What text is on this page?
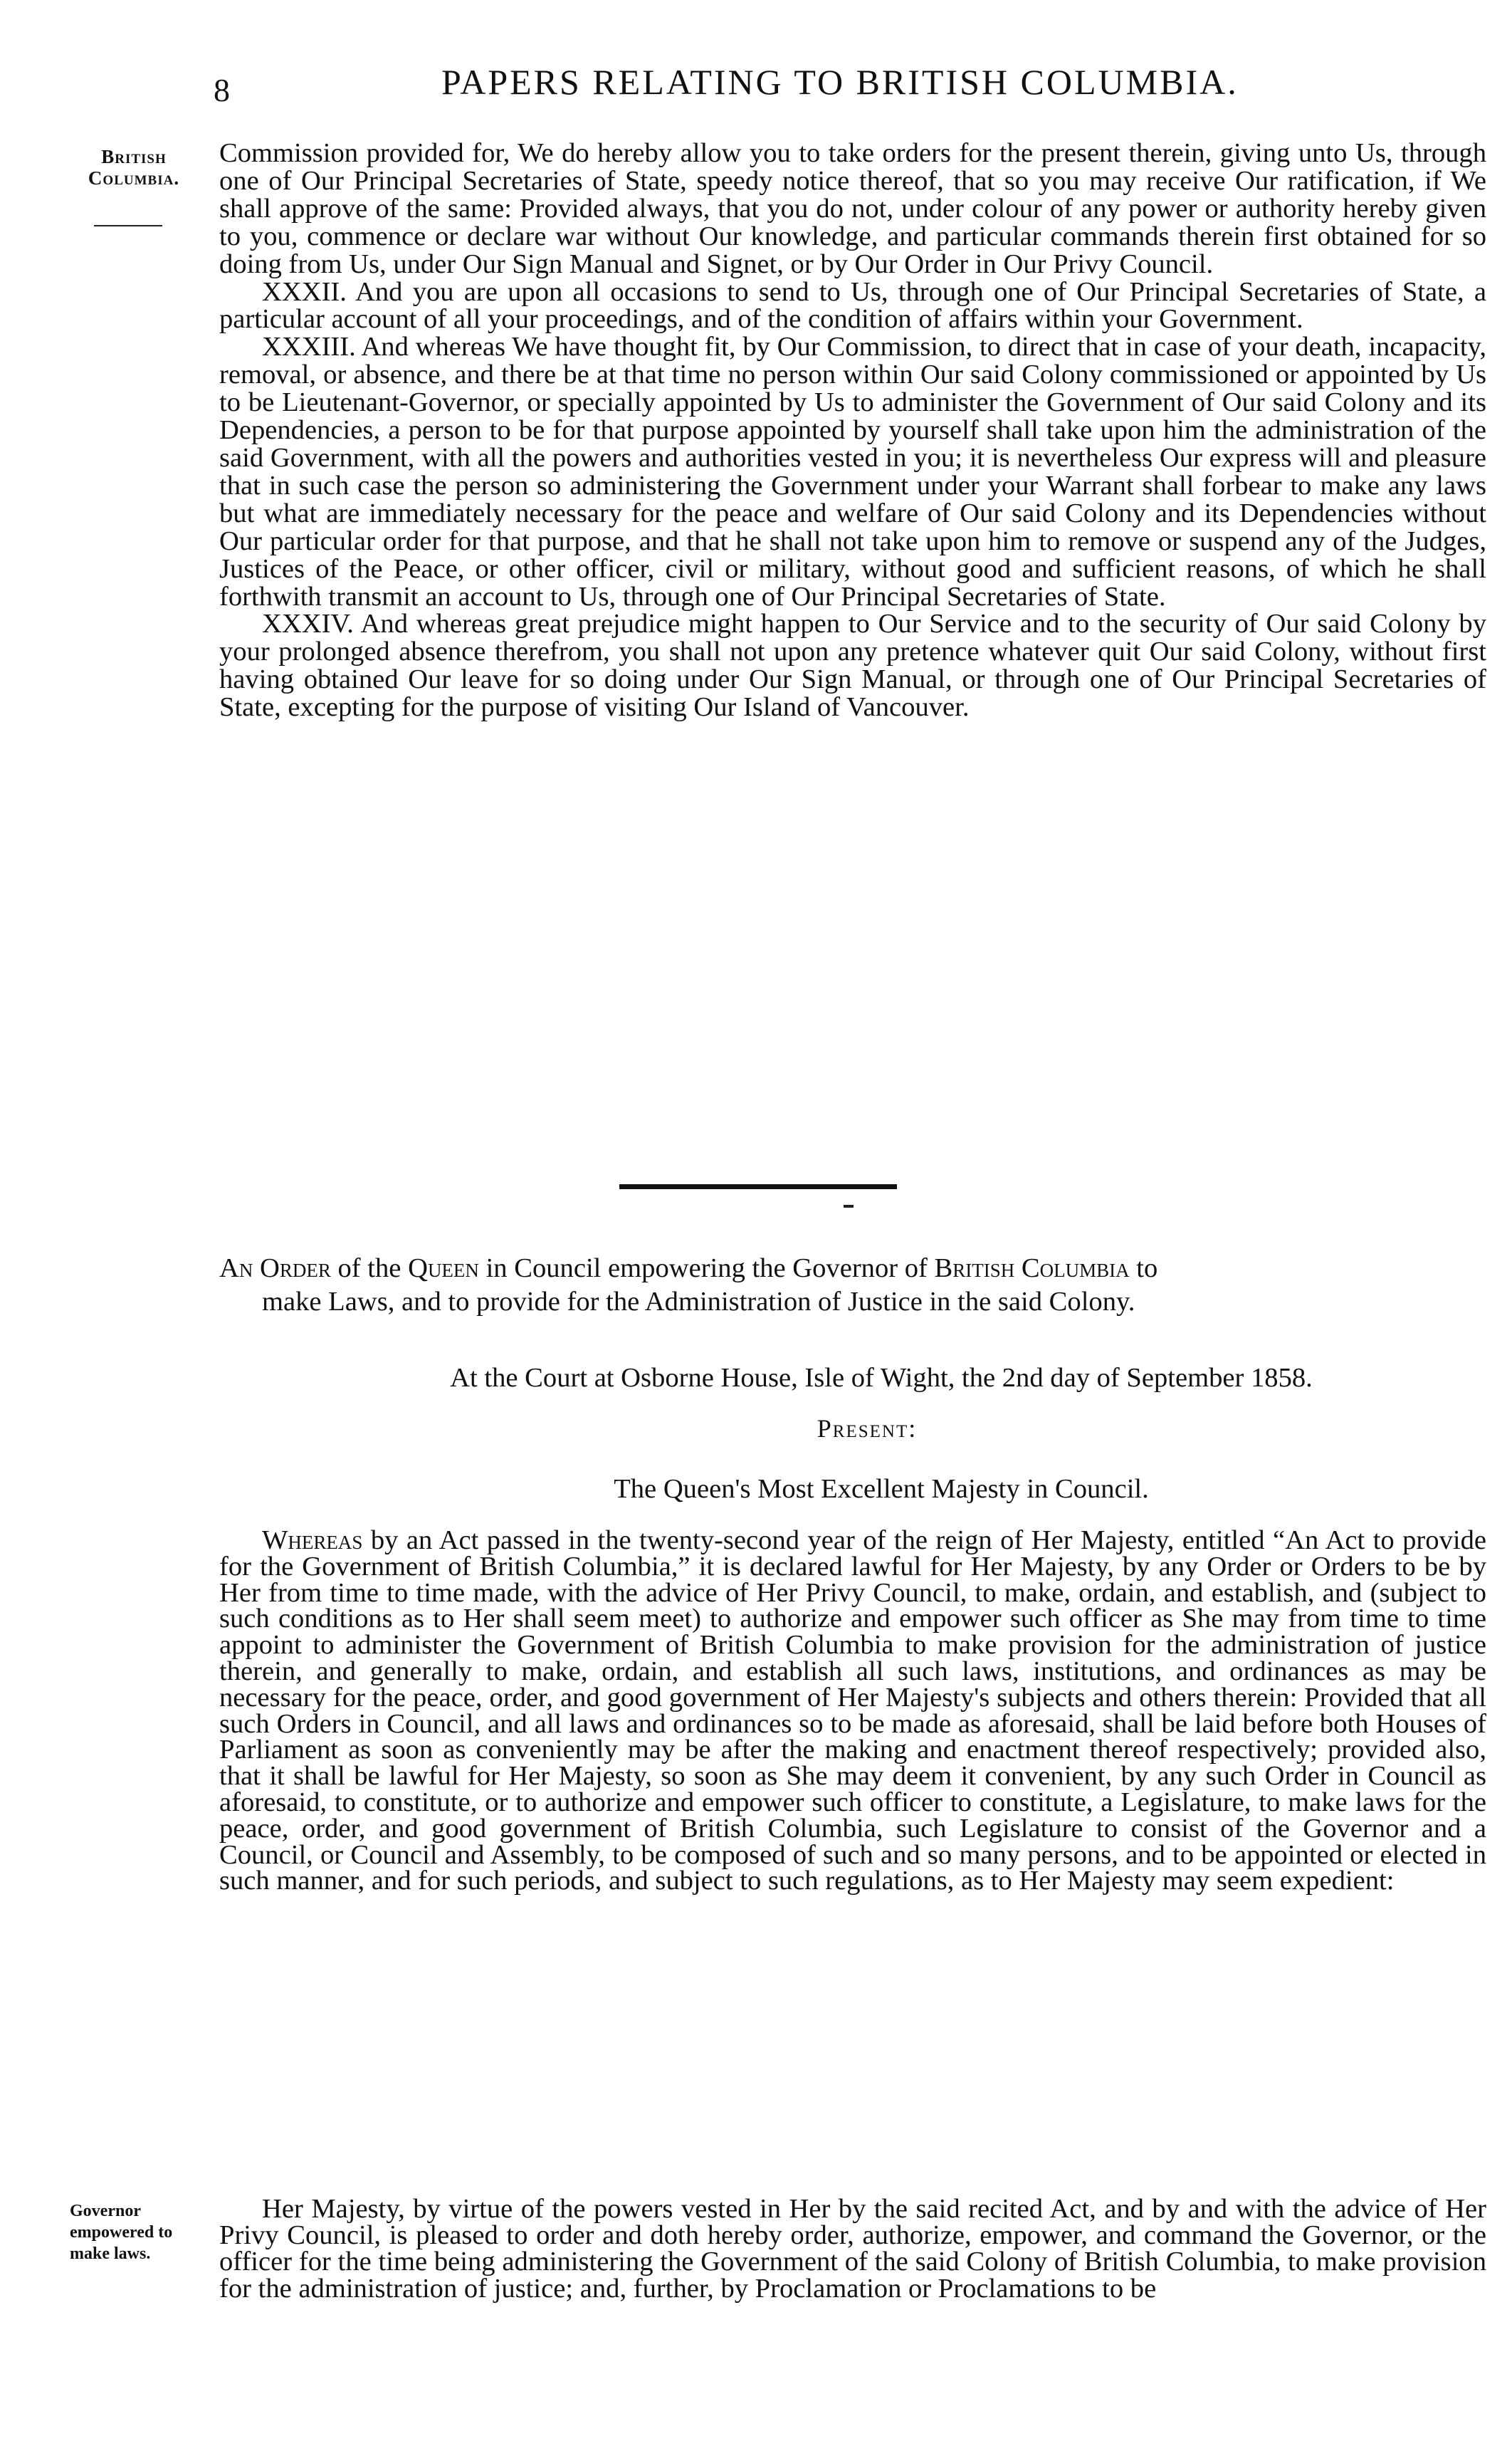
8	PAPERS RELATING TO BRITISH COLUMBIA.
British Columbia.

Commission provided for, We do hereby allow you to take orders for the present therein, giving unto Us, through one of Our Principal Secretaries of State, speedy notice thereof, that so you may receive Our ratification, if We shall approve of the same: Provided always, that you do not, under colour of any power or authority hereby given to you, commence or declare war without Our knowledge, and particular commands therein first obtained for so doing from Us, under Our Sign Manual and Signet, or by Our Order in Our Privy Council.

XXXII. And you are upon all occasions to send to Us, through one of Our Principal Secretaries of State, a particular account of all your proceedings, and of the condition of affairs within your Government.

XXXIII. And whereas We have thought fit, by Our Commission, to direct that in case of your death, incapacity, removal, or absence, and there be at that time no person within Our said Colony commissioned or appointed by Us to be Lieutenant-Governor, or specially appointed by Us to administer the Government of Our said Colony and its Dependencies, a person to be for that purpose appointed by yourself shall take upon him the administration of the said Government, with all the powers and authorities vested in you; it is nevertheless Our express will and pleasure that in such case the person so administering the Government under your Warrant shall forbear to make any laws but what are immediately necessary for the peace and welfare of Our said Colony and its Dependencies without Our particular order for that purpose, and that he shall not take upon him to remove or suspend any of the Judges, Justices of the Peace, or other officer, civil or military, without good and sufficient reasons, of which he shall forthwith transmit an account to Us, through one of Our Principal Secretaries of State.

XXXIV. And whereas great prejudice might happen to Our Service and to the security of Our said Colony by your prolonged absence therefrom, you shall not upon any pretence whatever quit Our said Colony, without first having obtained Our leave for so doing under Our Sign Manual, or through one of Our Principal Secretaries of State, excepting for the purpose of visiting Our Island of Vancouver.

An Order of the Queen in Council empowering the Governor of British Columbia to
make Laws, and to provide for the Administration of Justice in the said Colony.
At the Court at Osborne House, Isle of Wight, the 2nd day of September 1858.
Present:
The Queen's Most Excellent Majesty in Council.

Whereas by an Act passed in the twenty-second year of the reign of Her Majesty, entitled “An Act to provide for the Government of British Columbia,” it is declared lawful for Her Majesty, by any Order or Orders to be by Her from time to time made, with the advice of Her Privy Council, to make, ordain, and establish, and (subject to such conditions as to Her shall seem meet) to authorize and empower such officer as She may from time to time appoint to administer the Government of British Columbia to make provision for the administration of justice therein, and generally to make, ordain, and establish all such laws, institutions, and ordinances as may be necessary for the peace, order, and good government of Her Majesty's subjects and others therein: Provided that all such Orders in Council, and all laws and ordinances so to be made as aforesaid, shall be laid before both Houses of Parliament as soon as conveniently may be after the making and enactment thereof respectively; provided also, that it shall be lawful for Her Majesty, so soon as She may deem it convenient, by any such Order in Council as aforesaid, to constitute, or to authorize and empower such officer to constitute, a Legislature, to make laws for the peace, order, and good government of British Columbia, such Legislature to consist of the Governor and a Council, or Council and Assembly, to be composed of such and so many persons, and to be appointed or elected in such manner, and for such periods, and subject to such regulations, as to Her Majesty may seem expedient:

Governor empowered to make laws.

Her Majesty, by virtue of the powers vested in Her by the said recited Act, and by and with the advice of Her Privy Council, is pleased to order and doth hereby order, authorize, empower, and command the Governor, or the officer for the time being administering the Government of the said Colony of British Columbia, to make provision for the administration of justice; and, further, by Proclamation or Proclamations to be
